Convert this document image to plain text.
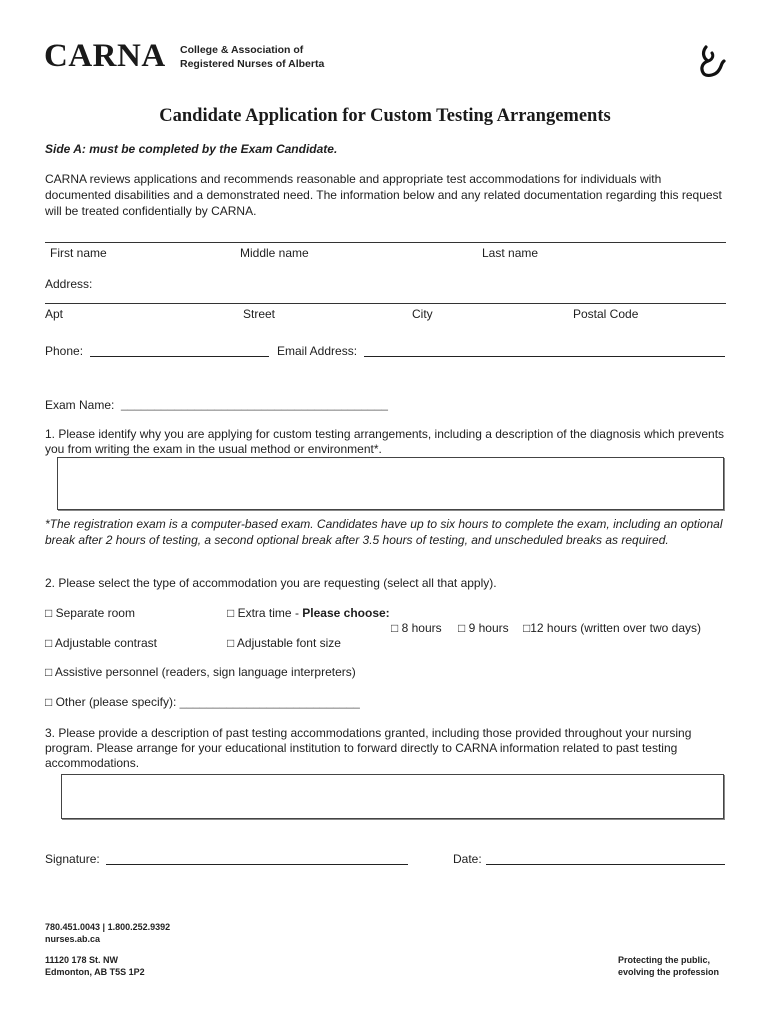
CARNA College & Association of
Registered Nurses of Alberta
Candidate Application for Custom Testing Arrangements
Side A: must be completed by the Exam Candidate.
CARNA reviews applications and recommends reasonable and appropriate test accommodations for individuals with documented disabilities and a demonstrated need. The information below and any related documentation regarding this request will be treated confidentially by CARNA.
First name	Middle name	Last name
Address:
Apt	Street	City	Postal Code
Phone:	Email Address:
Exam Name: ________________________________________
1. Please identify why you are applying for custom testing arrangements, including a description of the diagnosis which prevents you from writing the exam in the usual method or environment*.
*The registration exam is a computer-based exam. Candidates have up to six hours to complete the exam, including an optional break after 2 hours of testing, a second optional break after 3.5 hours of testing, and unscheduled breaks as required.
2. Please select the type of accommodation you are requesting (select all that apply).
□ Separate room	□ Extra time - Please choose:
□ 8 hours □ 9 hours □12 hours (written over two days)
□ Adjustable contrast	□ Adjustable font size
□ Assistive personnel (readers, sign language interpreters)
□ Other (please specify): ___________________________
3. Please provide a description of past testing accommodations granted, including those provided throughout your nursing program. Please arrange for your educational institution to forward directly to CARNA information related to past testing accommodations.
Signature:	Date:
780.451.0043 | 1.800.252.9392
nurses.ab.ca
11120 178 St. NW
Edmonton, AB T5S 1P2
Protecting the public,
evolving the profession
